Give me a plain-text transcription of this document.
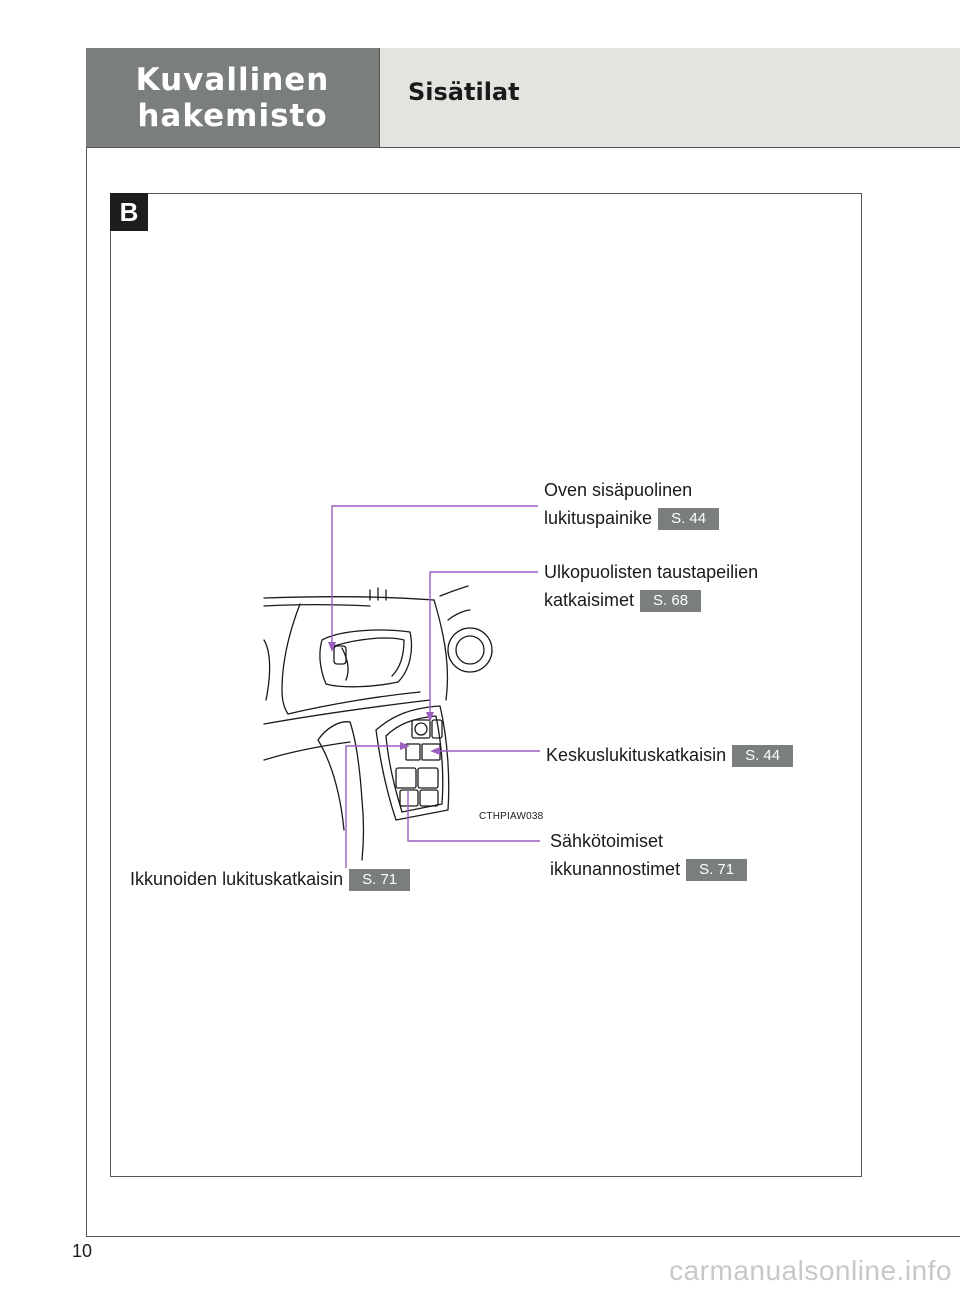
Kuvallinen
hakemisto
Sisätilat
B
Oven sisäpuolinen
lukituspainike S. 44
Ulkopuolisten taustapeilien
katkaisimet S. 68
Keskuslukituskatkaisin S. 44
Sähkötoimiset
ikkunannostimet S. 71
Ikkunoiden lukituskatkaisin S. 71
CTHPIAW038
10
carmanualsonline.info
